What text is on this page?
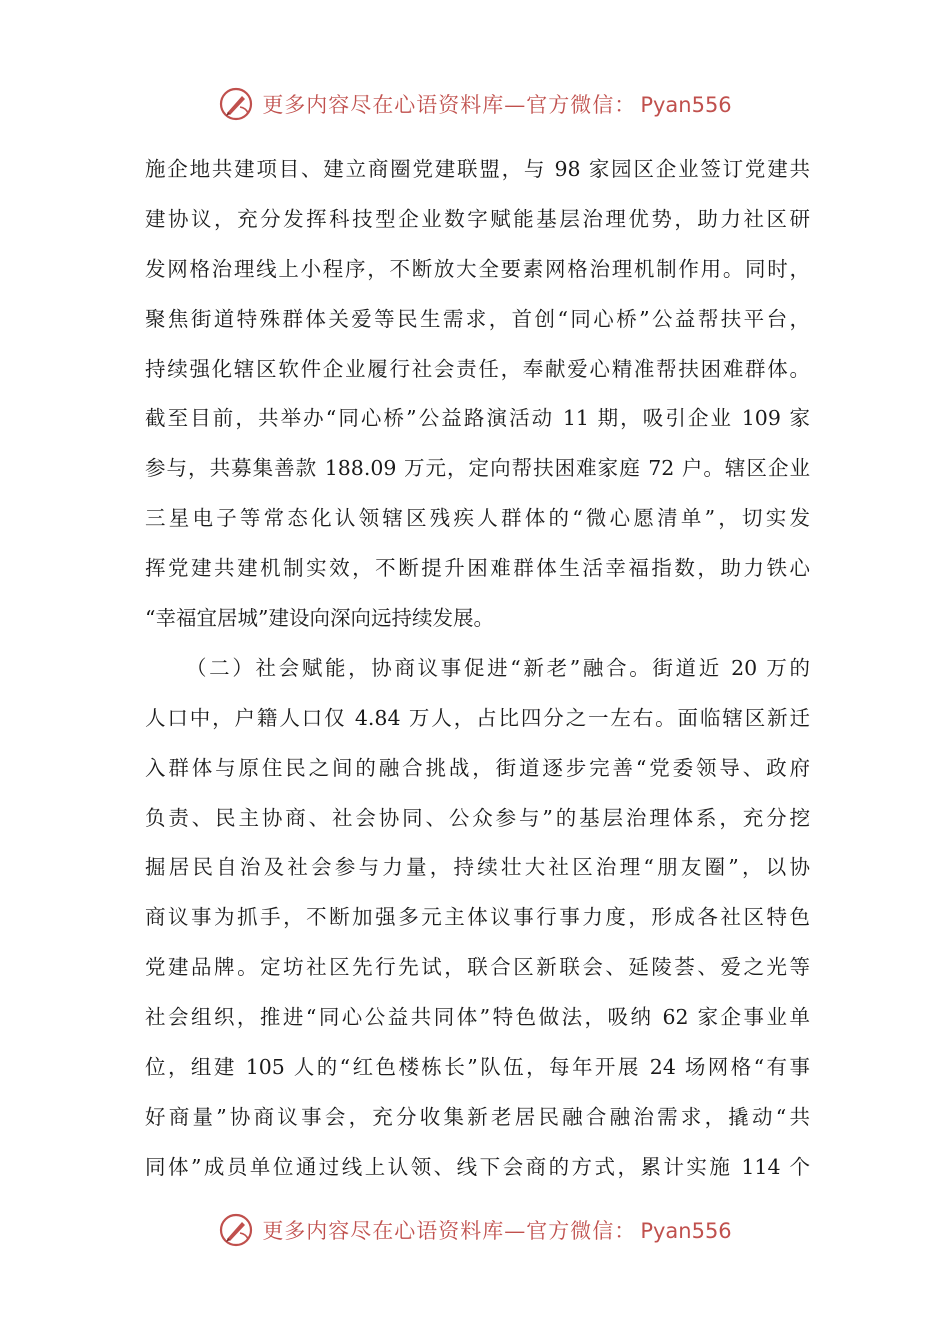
更多内容尽在心语资料库—官方微信： Pyan556
施企地共建项目、建立商圈党建联盟，与 98 家园区企业签订党建共
建协议，充分发挥科技型企业数字赋能基层治理优势，助力社区研
发网格治理线上小程序，不断放大全要素网格治理机制作用。同时，
聚焦街道特殊群体关爱等民生需求，首创“同心桥”公益帮扶平台，
持续强化辖区软件企业履行社会责任，奉献爱心精准帮扶困难群体。
截至目前，共举办“同心桥”公益路演活动 11 期，吸引企业 109 家
参与，共募集善款 188.09 万元，定向帮扶困难家庭 72 户。辖区企业
三星电子等常态化认领辖区残疾人群体的“微心愿清单”，切实发
挥党建共建机制实效，不断提升困难群体生活幸福指数，助力铁心
“幸福宜居城”建设向深向远持续发展。
（二）社会赋能，协商议事促进“新老”融合。街道近 20 万的
人口中，户籍人口仅 4.84 万人，占比四分之一左右。面临辖区新迁
入群体与原住民之间的融合挑战，街道逐步完善“党委领导、政府
负责、民主协商、社会协同、公众参与”的基层治理体系，充分挖
掘居民自治及社会参与力量，持续壮大社区治理“朋友圈”，以协
商议事为抓手，不断加强多元主体议事行事力度，形成各社区特色
党建品牌。定坊社区先行先试，联合区新联会、延陵荟、爱之光等
社会组织，推进“同心公益共同体”特色做法，吸纳 62 家企事业单
位，组建 105 人的“红色楼栋长”队伍，每年开展 24 场网格“有事
好商量”协商议事会，充分收集新老居民融合融治需求，撬动“共
同体”成员单位通过线上认领、线下会商的方式，累计实施 114 个
更多内容尽在心语资料库—官方微信： Pyan556
